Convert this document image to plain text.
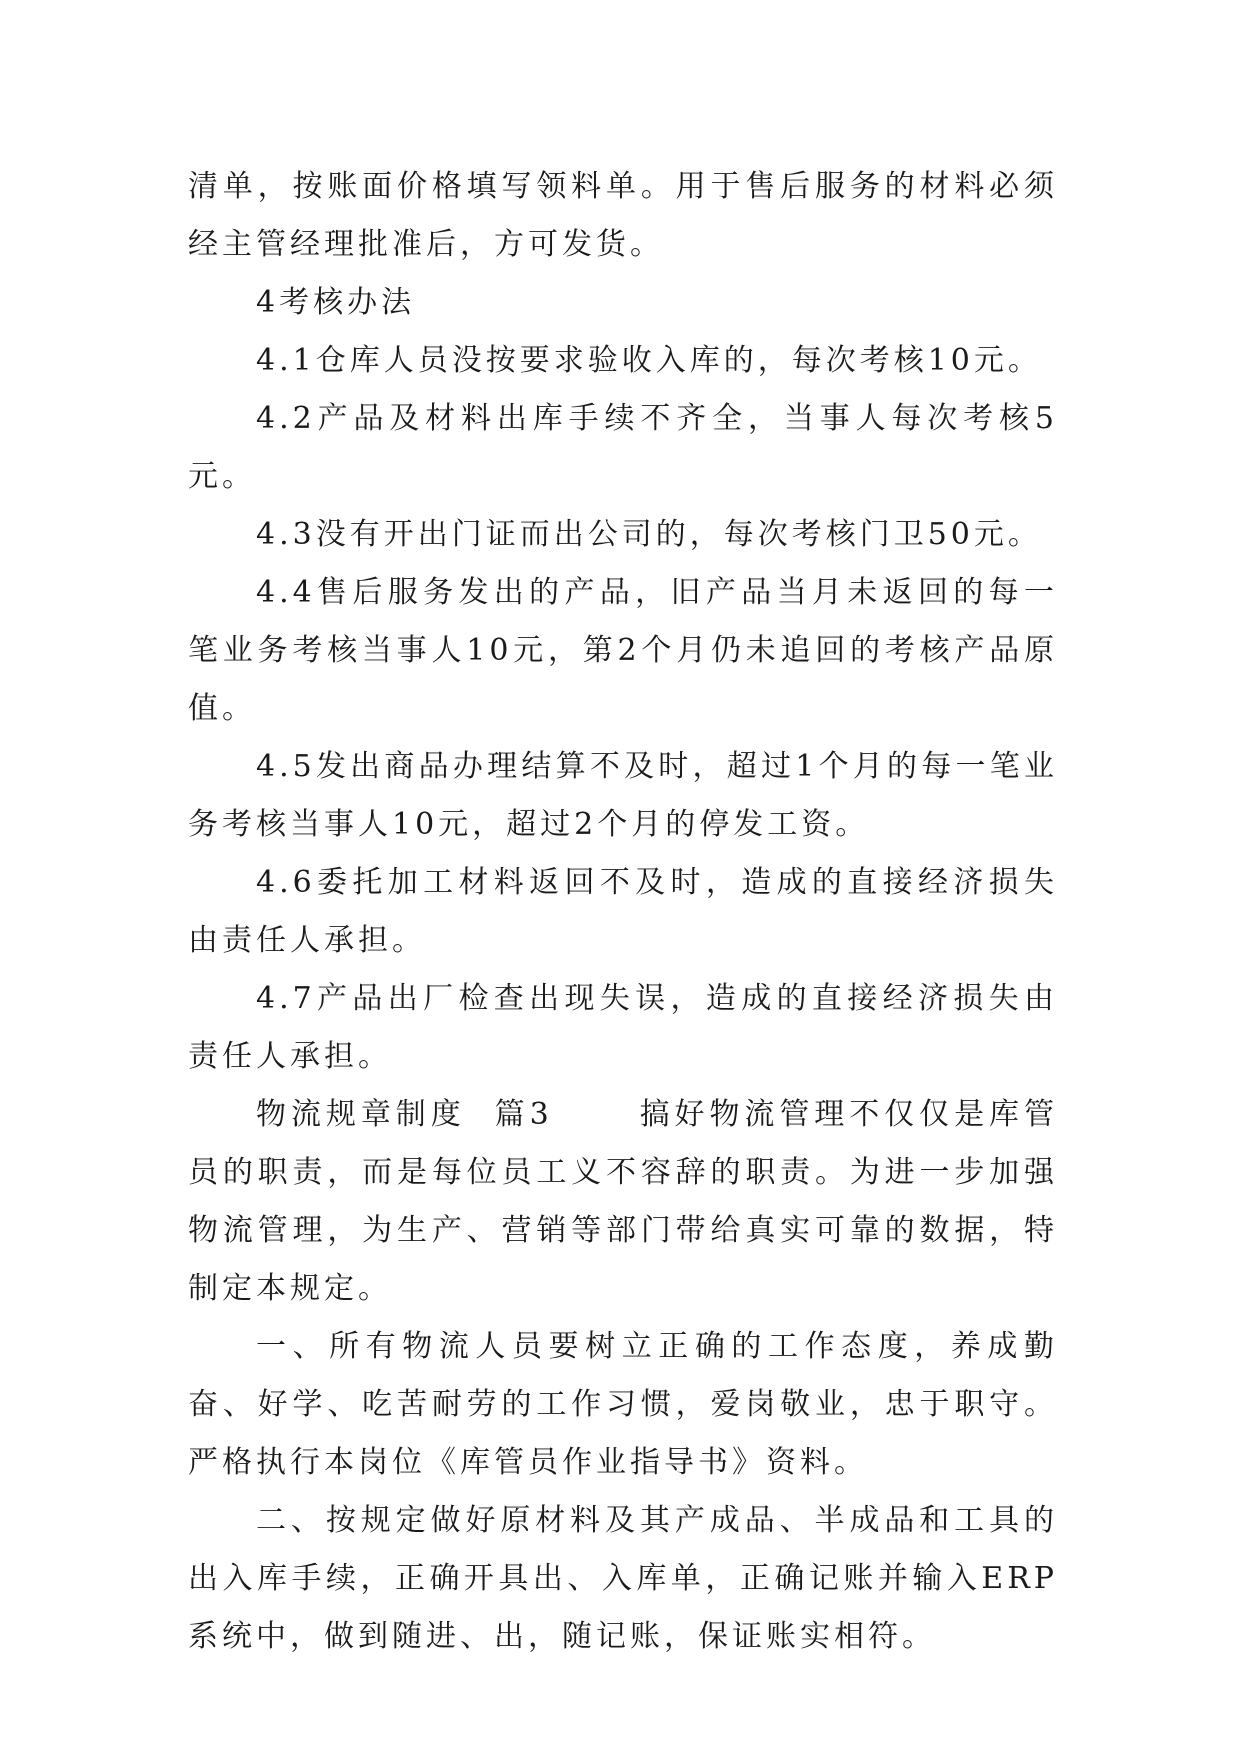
清单，按账面价格填写领料单。用于售后服务的材料必须经主管经理批准后，方可发货。

4考核办法

4.1仓库人员没按要求验收入库的，每次考核10元。

4.2产品及材料出库手续不齐全，当事人每次考核5元。

4.3没有开出门证而出公司的，每次考核门卫50元。

4.4售后服务发出的产品，旧产品当月未返回的每一笔业务考核当事人10元，第2个月仍未追回的考核产品原值。

4.5发出商品办理结算不及时，超过1个月的每一笔业务考核当事人10元，超过2个月的停发工资。

4.6委托加工材料返回不及时，造成的直接经济损失由责任人承担。

4.7产品出厂检查出现失误，造成的直接经济损失由责任人承担。

物流规章制度  篇3      搞好物流管理不仅仅是库管员的职责，而是每位员工义不容辞的职责。为进一步加强物流管理，为生产、营销等部门带给真实可靠的数据，特制定本规定。

一、所有物流人员要树立正确的工作态度，养成勤奋、好学、吃苦耐劳的工作习惯，爱岗敬业，忠于职守。严格执行本岗位《库管员作业指导书》资料。

二、按规定做好原材料及其产成品、半成品和工具的出入库手续，正确开具出、入库单，正确记账并输入ERP系统中，做到随进、出，随记账，保证账实相符。
